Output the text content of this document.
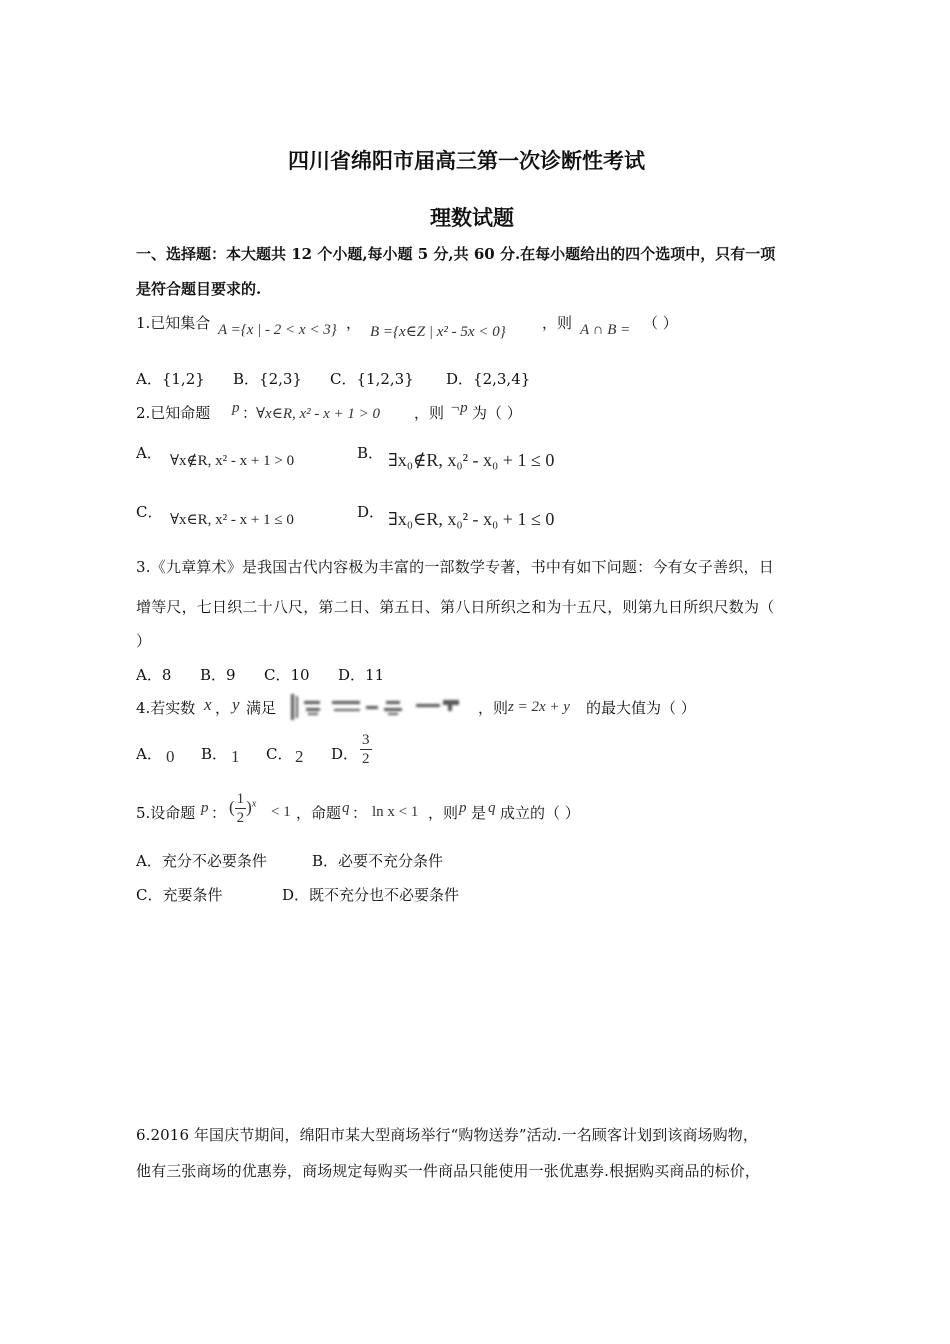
四川省绵阳市届高三第一次诊断性考试
理数试题
一、选择题：本大题共 12 个小题,每小题 5 分,共 60 分.在每小题给出的四个选项中，只有一项
是符合题目要求的.
1.已知集合 A ={x | - 2 < x < 3} ， B ={x∈Z | x² - 5x < 0} ，则 A ∩ B = （ ）
A．{1,2} B．{2,3} C．{1,2,3} D．{2,3,4}
2.已知命题 p ：
∀x∈R, x² - x + 1 > 0 ，则 ¬p 为（ ）
A． ∀x∉R, x² - x + 1 > 0	B． ∃x₀∉R, x₀² - x₀ + 1 ≤ 0
C． ∀x∈R, x² - x + 1 ≤ 0	D． ∃x₀∈R, x₀² - x₀ + 1 ≤ 0
3.《九章算术》是我国古代内容极为丰富的一部数学专著，书中有如下问题：今有女子善织，日
增等尺，七日织二十八尺，第二日、第五日、第八日所织之和为十五尺，则第九日所织尺数为（
）
A．8 B．9 C．10 D．11
4.若实数 x ， y 满足	，则 z = 2x + y 的最大值为（ ）
A． 0 B． 1 C． 2 D． $\frac{3}{2}$
5.设命题 p ： ( $\frac{1}{2} )^x$
< 1 ，命题 q ： ln x < 1 ，则 p 是 q 成立的（ ）
A．充分不必要条件	B．必要不充分条件
C．充要条件	D．既不充分也不必要条件
6.2016 年国庆节期间，绵阳市某大型商场举行“购物送券”活动.一名顾客计划到该商场购物，
他有三张商场的优惠券，商场规定每购买一件商品只能使用一张优惠券.根据购买商品的标价，
